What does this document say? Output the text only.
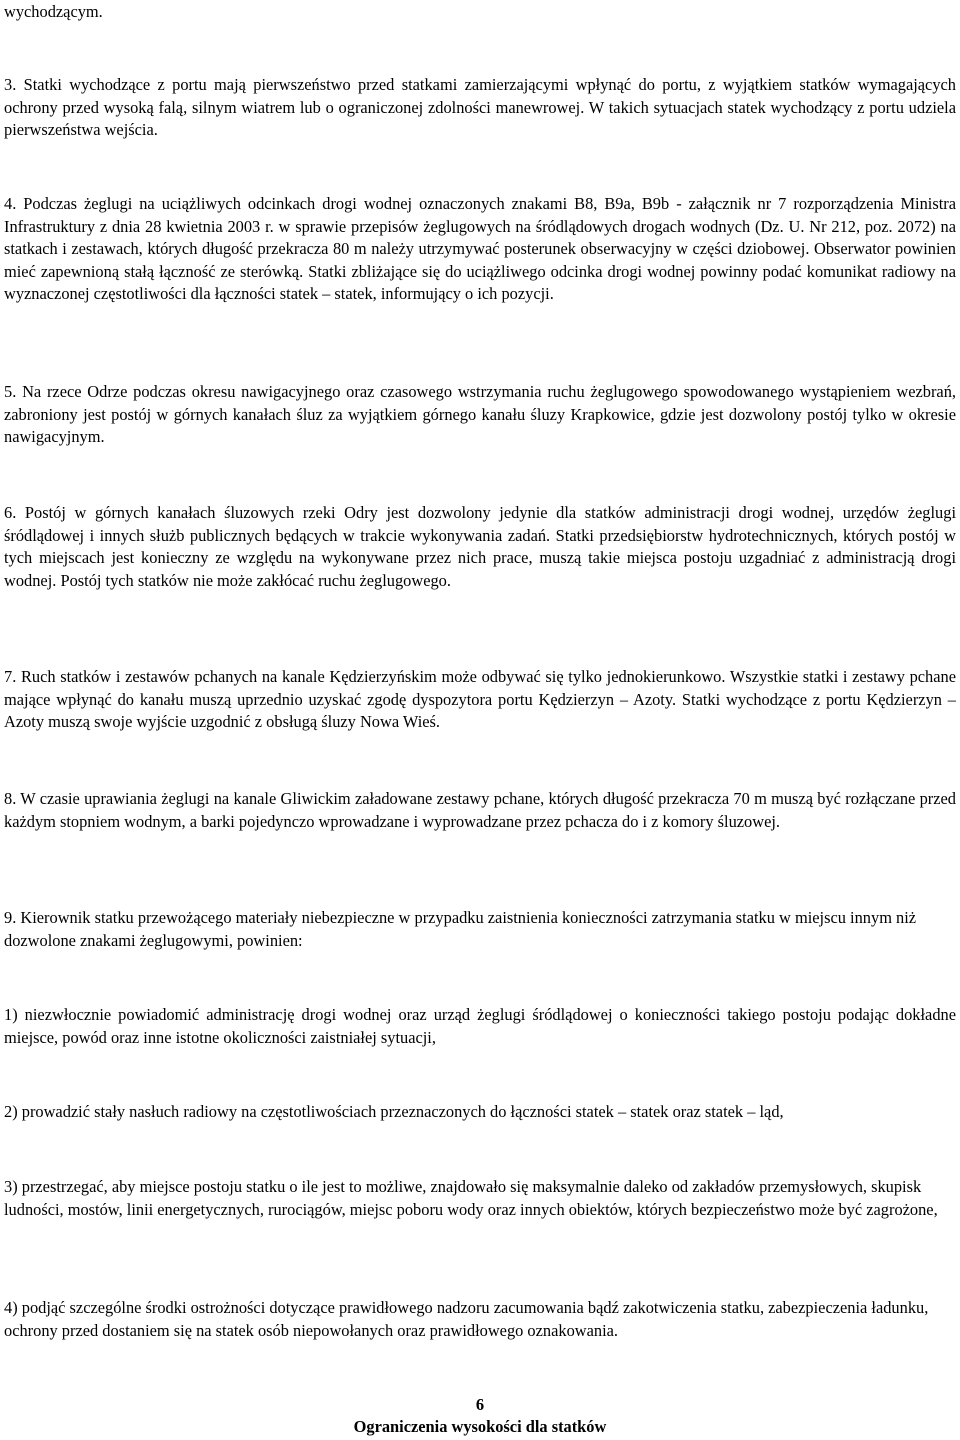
wychodzącym.

3. Statki wychodzące z portu mają pierwszeństwo przed statkami zamierzającymi wpłynąć do portu, z wyjątkiem statków wymagających ochrony przed wysoką falą, silnym wiatrem lub o ograniczonej zdolności manewrowej. W takich sytuacjach statek wychodzący z portu udziela pierwszeństwa wejścia.

4. Podczas żeglugi na uciążliwych odcinkach drogi wodnej oznaczonych znakami B8, B9a, B9b - załącznik nr 7 rozporządzenia Ministra Infrastruktury z dnia 28 kwietnia 2003 r. w sprawie przepisów żeglugowych na śródlądowych drogach wodnych (Dz. U. Nr 212, poz. 2072) na statkach i zestawach, których długość przekracza 80 m należy utrzymywać posterunek obserwacyjny w części dziobowej. Obserwator powinien mieć zapewnioną stałą łączność ze sterówką. Statki zbliżające się do uciążliwego odcinka drogi wodnej powinny podać komunikat radiowy na wyznaczonej częstotliwości dla łączności statek – statek, informujący o ich pozycji.

5. Na rzece Odrze podczas okresu nawigacyjnego oraz czasowego wstrzymania ruchu żeglugowego spowodowanego wystąpieniem wezbrań, zabroniony jest postój w górnych kanałach śluz za wyjątkiem górnego kanału śluzy Krapkowice, gdzie jest dozwolony postój tylko w okresie nawigacyjnym.

6. Postój w górnych kanałach śluzowych rzeki Odry jest dozwolony jedynie dla statków administracji drogi wodnej, urzędów żeglugi śródlądowej i innych służb publicznych będących w trakcie wykonywania zadań. Statki przedsiębiorstw hydrotechnicznych, których postój w tych miejscach jest konieczny ze względu na wykonywane przez nich prace, muszą takie miejsca postoju uzgadniać z administracją drogi wodnej. Postój tych statków nie może zakłócać ruchu żeglugowego.

7. Ruch statków i zestawów pchanych na kanale Kędzierzyńskim może odbywać się tylko jednokierunkowo. Wszystkie statki i zestawy pchane mające wpłynąć do kanału muszą uprzednio uzyskać zgodę dyspozytora portu Kędzierzyn – Azoty. Statki wychodzące z portu Kędzierzyn – Azoty muszą swoje wyjście uzgodnić z obsługą śluzy Nowa Wieś.

8. W czasie uprawiania żeglugi na kanale Gliwickim załadowane zestawy pchane, których długość przekracza 70 m muszą być rozłączane przed każdym stopniem wodnym, a barki pojedynczo wprowadzane i wyprowadzane przez pchacza do i z komory śluzowej.

9. Kierownik statku przewożącego materiały niebezpieczne w przypadku zaistnienia konieczności zatrzymania statku w miejscu innym niż dozwolone znakami żeglugowymi, powinien:

1) niezwłocznie powiadomić administrację drogi wodnej oraz urząd żeglugi śródlądowej o konieczności takiego postoju podając dokładne miejsce, powód oraz inne istotne okoliczności zaistniałej sytuacji,

2) prowadzić stały nasłuch radiowy na częstotliwościach przeznaczonych do łączności statek – statek oraz statek – ląd,

3) przestrzegać, aby miejsce postoju statku o ile jest to możliwe, znajdowało się maksymalnie daleko od zakładów przemysłowych, skupisk ludności, mostów, linii energetycznych, rurociągów, miejsc poboru wody oraz innych obiektów, których bezpieczeństwo może być zagrożone,

4) podjąć szczególne środki ostrożności dotyczące prawidłowego nadzoru zacumowania bądź zakotwiczenia statku, zabezpieczenia ładunku, ochrony przed dostaniem się na statek osób niepowołanych oraz prawidłowego oznakowania.

6
Ograniczenia wysokości dla statków
